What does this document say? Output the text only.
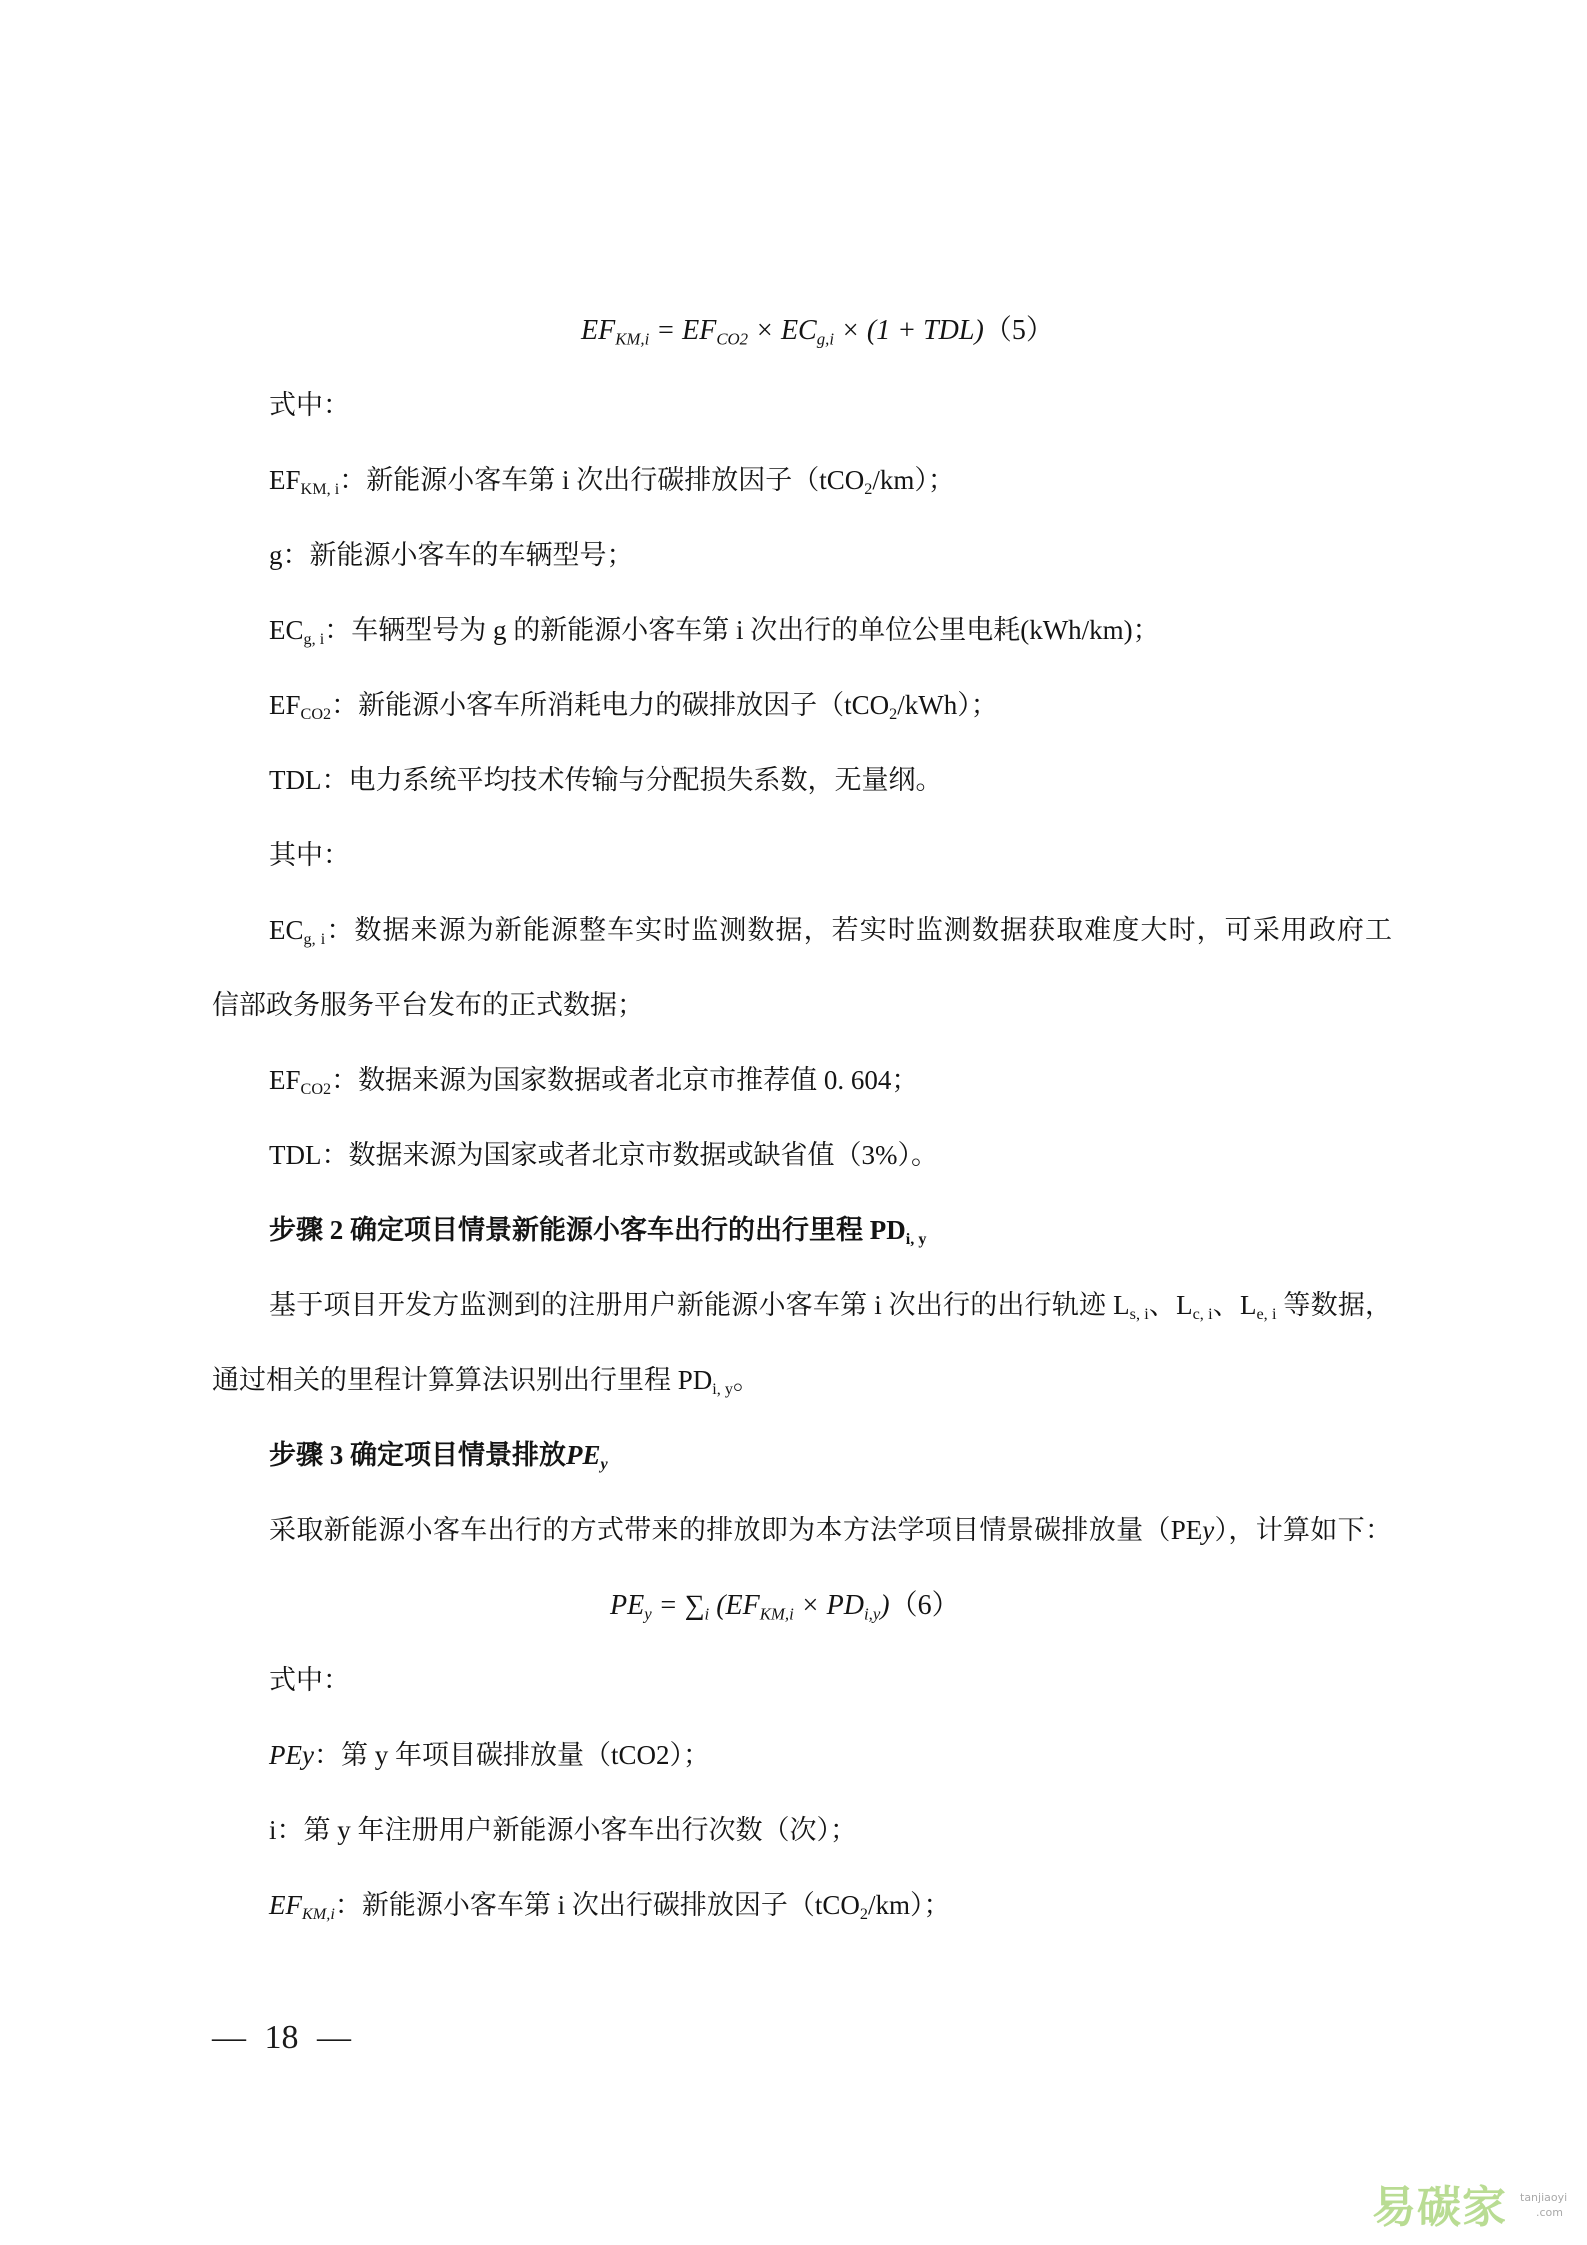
$EF_{KM,i} = EF_{CO2} \times EC_{g,i} \times (1 + TDL)(5)$
式中：
$EF_{KM, i}$：新能源小客车第 i 次出行碳排放因子（tCO$_2$/km）；
g：新能源小客车的车辆型号；
$EC_{g, i}$：车辆型号为 g 的新能源小客车第 i 次出行的单位公里电耗(kWh/km)；
$EF_{CO2}$：新能源小客车所消耗电力的碳排放因子（tCO$_2$/kWh）；
TDL：电力系统平均技术传输与分配损失系数，无量纲。
其中：
$EC_{g, i}$：数据来源为新能源整车实时监测数据，若实时监测数据获取难度大时，可采用政府工
信部政务服务平台发布的正式数据；
$EF_{CO2}$：数据来源为国家数据或者北京市推荐值 0. 604；
TDL：数据来源为国家或者北京市数据或缺省值（3%）。
步骤 2 确定项目情景新能源小客车出行的出行里程 $PD_{i, y}$
基于项目开发方监测到的注册用户新能源小客车第 i 次出行的出行轨迹 $L_{s, i}$、$L_{c, i}$、$L_{e, i}$ 等数据，
通过相关的里程计算算法识别出行里程 $PD_{i, y}$。
步骤 3 确定项目情景排放$PE_y$
采取新能源小客车出行的方式带来的排放即为本方法学项目情景碳排放量（PEy），计算如下：
$PE_y = \sum_i$ $(EF_{KM,i} \times PD_{i,y})(6)$
式中：
PEy：第 y 年项目碳排放量（tCO2）；
i：第 y 年注册用户新能源小客车出行次数（次）；
$EF_{KM,i}$：新能源小客车第 i 次出行碳排放因子（tCO$_2$/km）；
— 18 —
易碳家 tanjiaoyi
.com
